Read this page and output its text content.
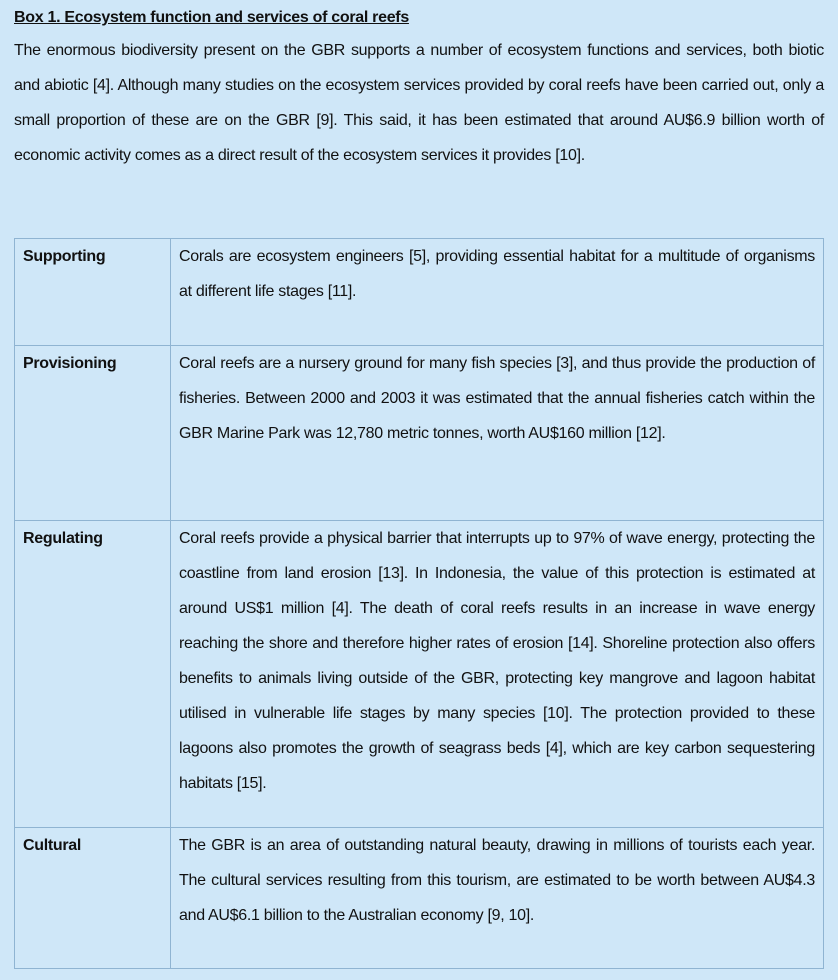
Box 1. Ecosystem function and services of coral reefs

The enormous biodiversity present on the GBR supports a number of ecosystem functions and services, both biotic and abiotic [4]. Although many studies on the ecosystem services provided by coral reefs have been carried out, only a small proportion of these are on the GBR [9]. This said, it has been estimated that around AU$6.9 billion worth of economic activity comes as a direct result of the ecosystem services it provides [10].

Supporting	Corals are ecosystem engineers [5], providing essential habitat for a multitude of organisms at different life stages [11].
Provisioning	Coral reefs are a nursery ground for many fish species [3], and thus provide the production of fisheries. Between 2000 and 2003 it was estimated that the annual fisheries catch within the GBR Marine Park was 12,780 metric tonnes, worth AU$160 million [12].
Regulating	Coral reefs provide a physical barrier that interrupts up to 97% of wave energy, protecting the coastline from land erosion [13]. In Indonesia, the value of this protection is estimated at around US$1 million [4]. The death of coral reefs results in an increase in wave energy reaching the shore and therefore higher rates of erosion [14]. Shoreline protection also offers benefits to animals living outside of the GBR, protecting key mangrove and lagoon habitat utilised in vulnerable life stages by many species [10]. The protection provided to these lagoons also promotes the growth of seagrass beds [4], which are key carbon sequestering habitats [15].
Cultural	The GBR is an area of outstanding natural beauty, drawing in millions of tourists each year. The cultural services resulting from this tourism, are estimated to be worth between AU$4.3 and AU$6.1 billion to the Australian economy [9, 10].
